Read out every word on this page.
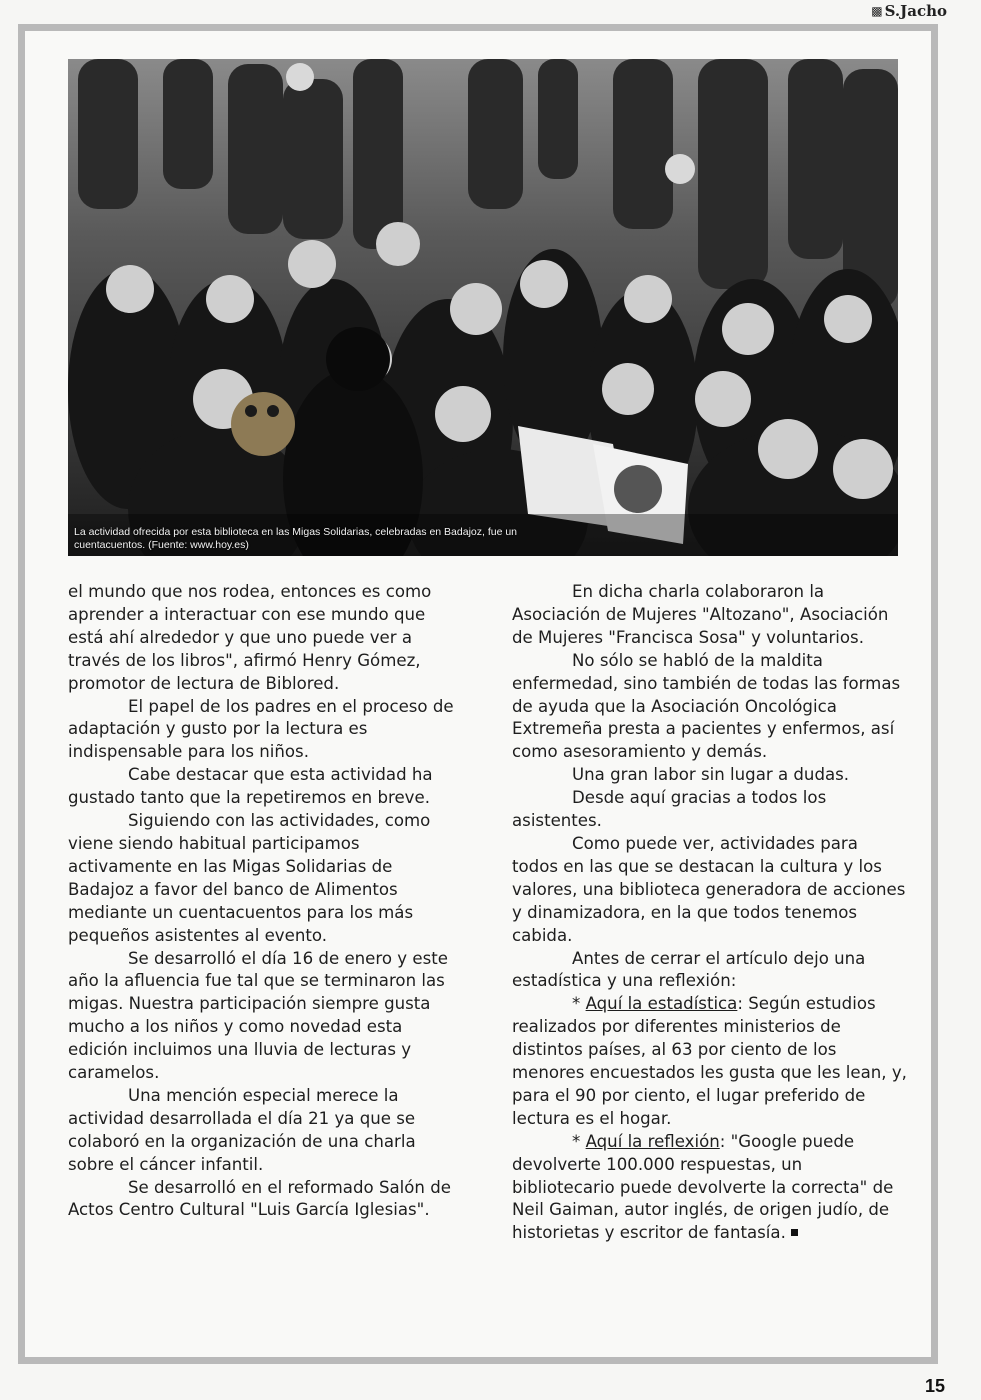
▩ S.Jacho
La actividad ofrecida por esta biblioteca en las Migas Solidarias, celebradas en Badajoz, fue un cuentacuentos. (Fuente: www.hoy.es)

el mundo que nos rodea, entonces es como aprender a interactuar con ese mundo que está ahí alrededor y que uno puede ver a través de los libros", afirmó Henry Gómez, promotor de lectura de Biblored.

El papel de los padres en el proceso de adaptación y gusto por la lectura es indispensable para los niños.

Cabe destacar que esta actividad ha gustado tanto que la repetiremos en breve.

Siguiendo con las actividades, como viene siendo habitual participamos activamente en las Migas Solidarias de Badajoz a favor del banco de Alimentos mediante un cuentacuentos para los más pequeños asistentes al evento.

Se desarrolló el día 16 de enero y este año la afluencia fue tal que se terminaron las migas. Nuestra participación siempre gusta mucho a los niños y como novedad esta edición incluimos una lluvia de lecturas y caramelos.

Una mención especial merece la actividad desarrollada el día 21 ya que se colaboró en la organización de una charla sobre el cáncer infantil.

Se desarrolló en el reformado Salón de Actos Centro Cultural "Luis García Iglesias".

En dicha charla colaboraron la Asociación de Mujeres "Altozano", Asociación de Mujeres "Francisca Sosa" y voluntarios.

No sólo se habló de la maldita enfermedad, sino también de todas las formas de ayuda que la Asociación Oncológica Extremeña presta a pacientes y enfermos, así como asesoramiento y demás.

Una gran labor sin lugar a dudas.

Desde aquí gracias a todos los asistentes.

Como puede ver, actividades para todos en las que se destacan la cultura y los valores, una biblioteca generadora de acciones y dinamizadora, en la que todos tenemos cabida.

Antes de cerrar el artículo dejo una estadística y una reflexión:

* Aquí la estadística: Según estudios realizados por diferentes ministerios de distintos países, al 63 por ciento de los menores encuestados les gusta que les lean, y, para el 90 por ciento, el lugar preferido de lectura es el hogar.

* Aquí la reflexión: "Google puede devolverte 100.000 respuestas, un bibliotecario puede devolverte la correcta" de Neil Gaiman, autor inglés, de origen judío, de historietas y escritor de fantasía.

15
